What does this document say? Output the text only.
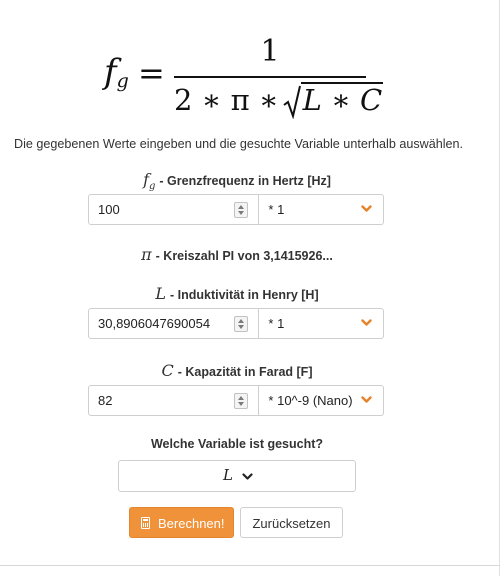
$f_g$ =
1
2 ∗ π ∗ L ∗ C
Die gegebenen Werte eingeben und die gesuchte Variable unterhalb auswählen.
$f_g$ - Grenzfrequenz in Hertz [Hz]
100	* 1
π - Kreiszahl PI von 3,1415926...
L - Induktivität in Henry [H]
30,8906047690054	* 1
C - Kapazität in Farad [F]
82	* 10^-9 (Nano)
Welche Variable ist gesucht?
L
Berechnen!	Zurücksetzen
